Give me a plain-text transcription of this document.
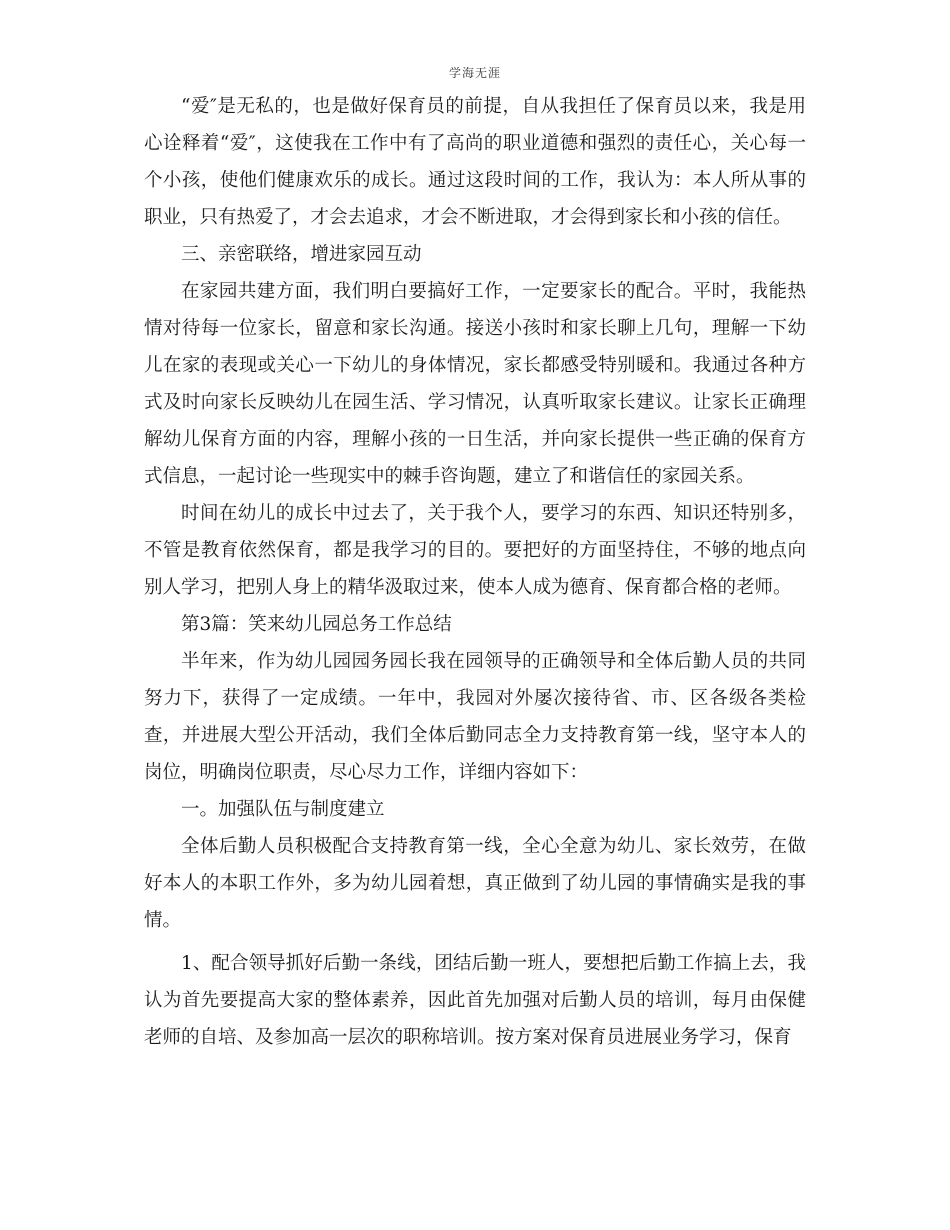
学海无涯

“爱″是无私的，也是做好保育员的前提，自从我担任了保育员以来，我是用心诠释着“爱″，这使我在工作中有了高尚的职业道德和强烈的责任心，关心每一个小孩，使他们健康欢乐的成长。通过这段时间的工作，我认为：本人所从事的职业，只有热爱了，才会去追求，才会不断进取，才会得到家长和小孩的信任。

三、亲密联络，增进家园互动

在家园共建方面，我们明白要搞好工作，一定要家长的配合。平时，我能热情对待每一位家长，留意和家长沟通。接送小孩时和家长聊上几句，理解一下幼儿在家的表现或关心一下幼儿的身体情况，家长都感受特别暖和。我通过各种方式及时向家长反映幼儿在园生活、学习情况，认真听取家长建议。让家长正确理解幼儿保育方面的内容，理解小孩的一日生活，并向家长提供一些正确的保育方式信息，一起讨论一些现实中的棘手咨询题，建立了和谐信任的家园关系。

时间在幼儿的成长中过去了，关于我个人，要学习的东西、知识还特别多，不管是教育依然保育，都是我学习的目的。要把好的方面坚持住，不够的地点向别人学习，把别人身上的精华汲取过来，使本人成为德育、保育都合格的老师。

第3篇：笑来幼儿园总务工作总结

半年来，作为幼儿园园务园长我在园领导的正确领导和全体后勤人员的共同努力下，获得了一定成绩。一年中，我园对外屡次接待省、市、区各级各类检查，并进展大型公开活动，我们全体后勤同志全力支持教育第一线，坚守本人的岗位，明确岗位职责，尽心尽力工作，详细内容如下：

一。加强队伍与制度建立

全体后勤人员积极配合支持教育第一线，全心全意为幼儿、家长效劳，在做好本人的本职工作外，多为幼儿园着想，真正做到了幼儿园的事情确实是我的事情。

1、配合领导抓好后勤一条线，团结后勤一班人，要想把后勤工作搞上去，我认为首先要提高大家的整体素养，因此首先加强对后勤人员的培训，每月由保健老师的自培、及参加高一层次的职称培训。按方案对保育员进展业务学习，保育
